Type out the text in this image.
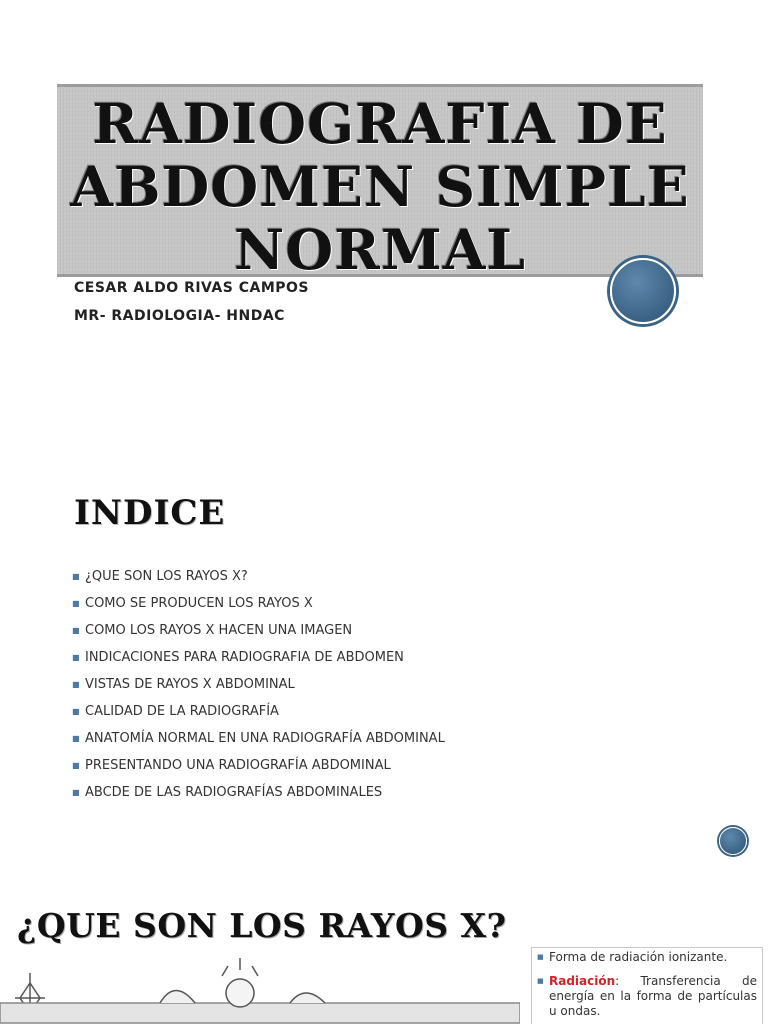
RADIOGRAFIA DE
ABDOMEN SIMPLE
NORMAL
CESAR ALDO RIVAS CAMPOS
MR- RADIOLOGIA- HNDAC
INDICE
■ ¿QUE SON LOS RAYOS X?
■ COMO SE PRODUCEN LOS RAYOS X
■ COMO LOS RAYOS X HACEN UNA IMAGEN
■ INDICACIONES PARA RADIOGRAFIA DE ABDOMEN
■ VISTAS DE RAYOS X ABDOMINAL
■ CALIDAD DE LA RADIOGRAFÍA
■ ANATOMÍA NORMAL EN UNA RADIOGRAFÍA ABDOMINAL
■ PRESENTANDO UNA RADIOGRAFÍA ABDOMINAL
■ ABCDE DE LAS RADIOGRAFÍAS ABDOMINALES
¿QUE SON LOS RAYOS X?
■ Forma de radiación ionizante.
■ Radiación: Transferencia de energía en la forma de partículas u ondas.
